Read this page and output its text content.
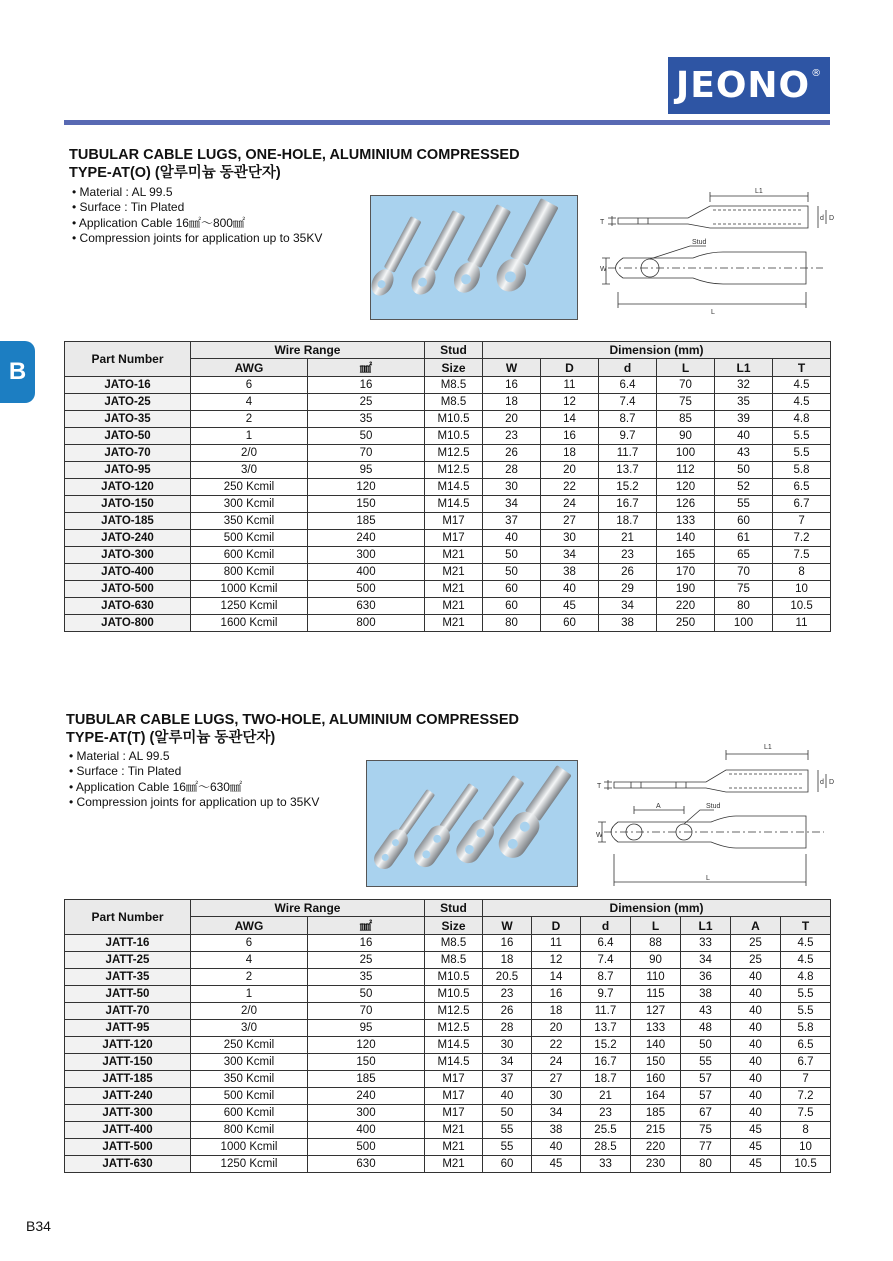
JEONO®
B
TUBULAR CABLE LUGS, ONE-HOLE, ALUMINIUM COMPRESSED
TYPE-AT(O) (알루미늄 동관단자)
• Material : AL 99.5
• Surface : Tin Plated
• Application Cable 16㎟～800㎟
• Compression joints for application up to 35KV
L1
Stud
W
L
T
d D
Part Number	Wire Range		Stud	Dimension (mm)					
	AWG	㎟	Size	W	D	d	L	L1	T
JATO-16	6	16	M8.5	16	11	6.4	70	32	4.5
JATO-25	4	25	M8.5	18	12	7.4	75	35	4.5
JATO-35	2	35	M10.5	20	14	8.7	85	39	4.8
JATO-50	1	50	M10.5	23	16	9.7	90	40	5.5
JATO-70	2/0	70	M12.5	26	18	11.7	100	43	5.5
JATO-95	3/0	95	M12.5	28	20	13.7	112	50	5.8
JATO-120	250 Kcmil	120	M14.5	30	22	15.2	120	52	6.5
JATO-150	300 Kcmil	150	M14.5	34	24	16.7	126	55	6.7
JATO-185	350 Kcmil	185	M17	37	27	18.7	133	60	7
JATO-240	500 Kcmil	240	M17	40	30	21	140	61	7.2
JATO-300	600 Kcmil	300	M21	50	34	23	165	65	7.5
JATO-400	800 Kcmil	400	M21	50	38	26	170	70	8
JATO-500	1000 Kcmil	500	M21	60	40	29	190	75	10
JATO-630	1250 Kcmil	630	M21	60	45	34	220	80	10.5
JATO-800	1600 Kcmil	800	M21	80	60	38	250	100	11
TUBULAR CABLE LUGS, TWO-HOLE, ALUMINIUM COMPRESSED
TYPE-AT(T) (알루미늄 동관단자)
• Material : AL 99.5
• Surface : Tin Plated
• Application Cable 16㎟～630㎟
• Compression joints for application up to 35KV
L1
A	Stud
W
L
T
d D
Part Number	Wire Range		Stud	Dimension (mm)						
	AWG	㎟	Size	W	D	d	L	L1	A	T
JATT-16	6	16	M8.5	16	11	6.4	88	33	25	4.5
JATT-25	4	25	M8.5	18	12	7.4	90	34	25	4.5
JATT-35	2	35	M10.5	20.5	14	8.7	110	36	40	4.8
JATT-50	1	50	M10.5	23	16	9.7	115	38	40	5.5
JATT-70	2/0	70	M12.5	26	18	11.7	127	43	40	5.5
JATT-95	3/0	95	M12.5	28	20	13.7	133	48	40	5.8
JATT-120	250 Kcmil	120	M14.5	30	22	15.2	140	50	40	6.5
JATT-150	300 Kcmil	150	M14.5	34	24	16.7	150	55	40	6.7
JATT-185	350 Kcmil	185	M17	37	27	18.7	160	57	40	7
JATT-240	500 Kcmil	240	M17	40	30	21	164	57	40	7.2
JATT-300	600 Kcmil	300	M17	50	34	23	185	67	40	7.5
JATT-400	800 Kcmil	400	M21	55	38	25.5	215	75	45	8
JATT-500	1000 Kcmil	500	M21	55	40	28.5	220	77	45	10
JATT-630	1250 Kcmil	630	M21	60	45	33	230	80	45	10.5
B34
